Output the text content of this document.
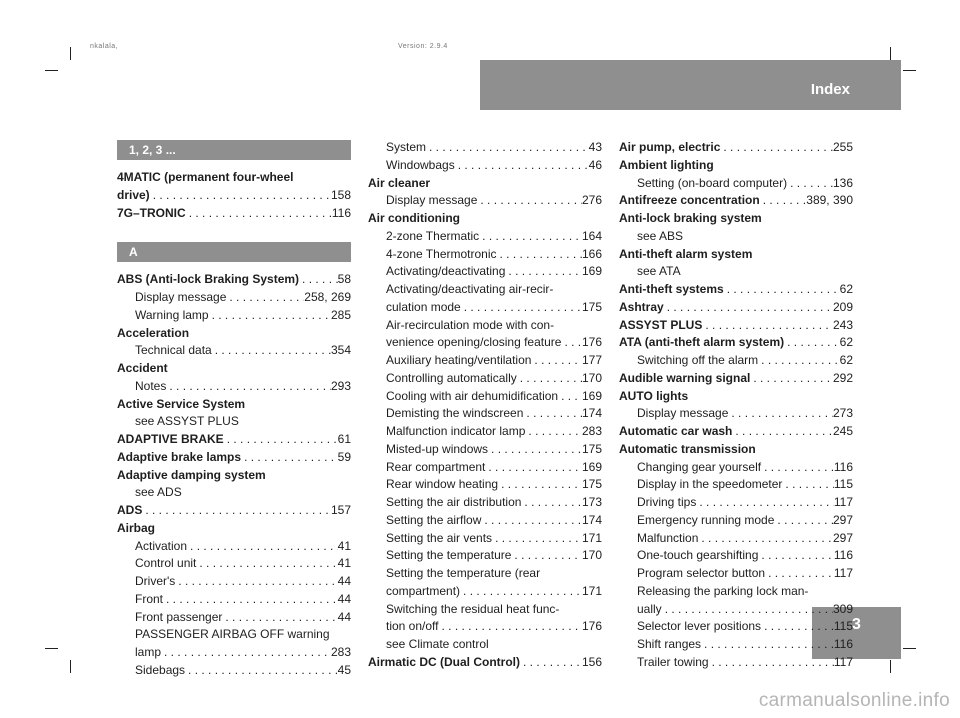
nkalala,	Version: 2.9.4
Index
3
1, 2, 3 ...
4MATIC (permanent four-wheel
drive) . . .	158
7G–TRONIC . . .	116
A
ABS (Anti-lock Braking System) . . .	58
Display message . . .	258, 269
Warning lamp . . .	285
Acceleration
Technical data . . .	354
Accident
Notes . . .	293
Active Service System
see ASSYST PLUS
ADAPTIVE BRAKE . . .	61
Adaptive brake lamps . . .	59
Adaptive damping system
see ADS
ADS . . .	157
Airbag
Activation . . .	41
Control unit . . .	41
Driver's . . .	44
Front . . .	44
Front passenger . . .	44
PASSENGER AIRBAG OFF warning
lamp . . .	283
Sidebags . . .	45
System . . .	43
Windowbags . . .	46
Air cleaner
Display message . . .	276
Air conditioning
2-zone Thermatic . . .	164
4-zone Thermotronic . . .	166
Activating/deactivating . . .	169
Activating/deactivating air-recir-
culation mode . . .	175
Air-recirculation mode with con-
venience opening/closing feature . . . 176
Auxiliary heating/ventilation . . .	177
Controlling automatically . . .	170
Cooling with air dehumidification . . . 169
Demisting the windscreen . . .	174
Malfunction indicator lamp . . .	283
Misted-up windows . . .	175
Rear compartment . . .	169
Rear window heating . . .	175
Setting the air distribution . . .	173
Setting the airflow . . .	174
Setting the air vents . . .	171
Setting the temperature . . .	170
Setting the temperature (rear
compartment) . . .	171
Switching the residual heat func-
tion on/off . . .	176
see Climate control
Airmatic DC (Dual Control) . . .	156
Air pump, electric . . .	255
Ambient lighting
Setting (on-board computer) . . .	136
Antifreeze concentration . . .	389, 390
Anti-lock braking system
see ABS
Anti-theft alarm system
see ATA
Anti-theft systems . . .	62
Ashtray . . .	209
ASSYST PLUS . . .	243
ATA (anti-theft alarm system) . . .	62
Switching off the alarm . . .	62
Audible warning signal . . .	292
AUTO lights
Display message . . .	273
Automatic car wash . . .	245
Automatic transmission
Changing gear yourself . . .	116
Display in the speedometer . . .	115
Driving tips . . .	117
Emergency running mode . . .	297
Malfunction . . .	297
One-touch gearshifting . . .	116
Program selector button . . .	117
Releasing the parking lock man-
ually . . .	309
Selector lever positions . . .	115
Shift ranges . . .	116
Trailer towing . . .	117
carmanualsonline.info
